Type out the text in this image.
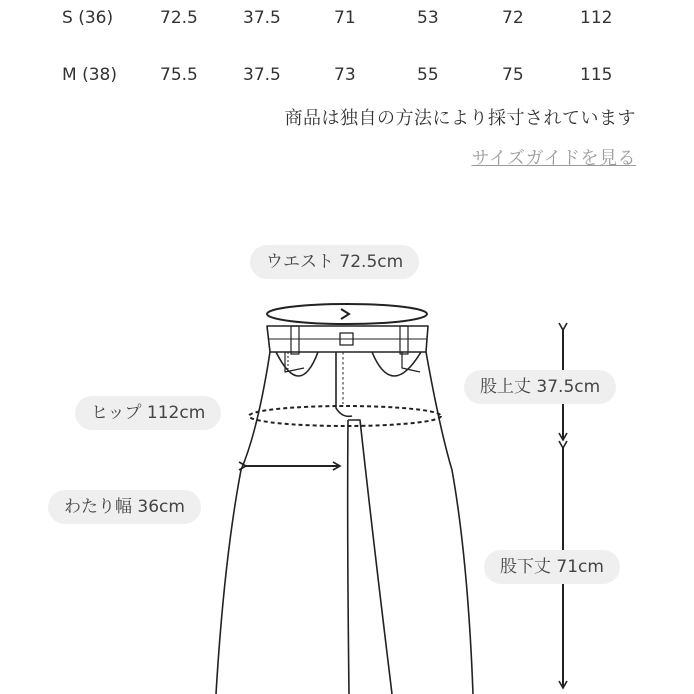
S (36)	72.5	37.5	71	53	72	112
M (38)	75.5	37.5	73	55	75	115
商品は独自の方法により採寸されています
サイズガイドを見る
ウエスト 72.5cm
股上丈 37.5cm
ヒップ 112cm
わたり幅 36cm
股下丈 71cm
